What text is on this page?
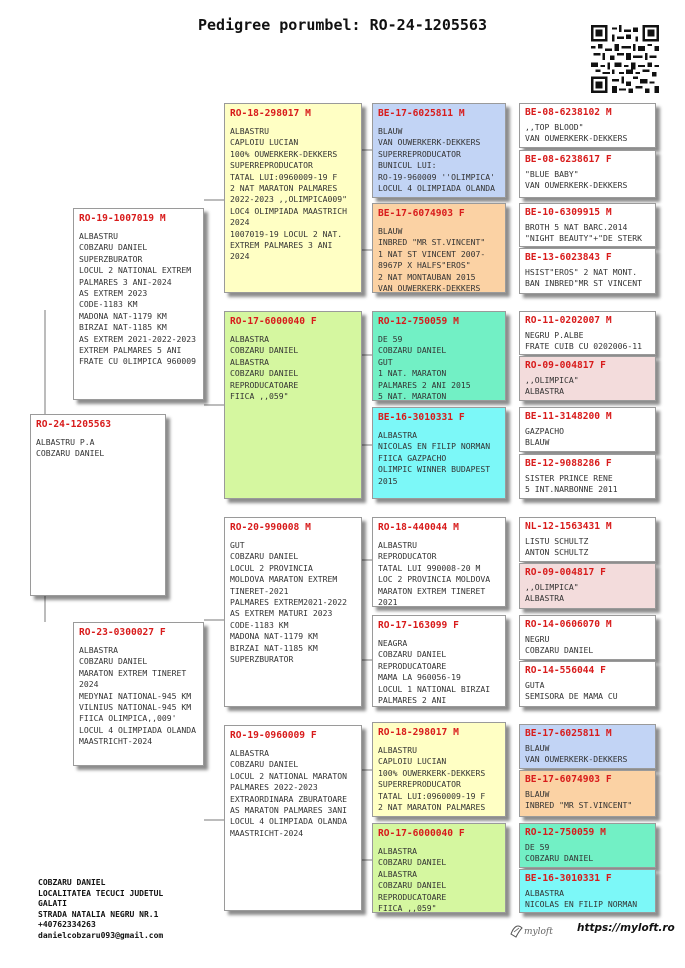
Pedigree porumbel: RO-24-1205563
RO-24-1205563
ALBASTRU P.A
COBZARU DANIEL
RO-19-1007019 M
ALBASTRU
COBZARU DANIEL
SUPERZBURATOR
LOCUL 2 NATIONAL EXTREM
PALMARES 3 ANI-2024
AS EXTREM 2023
CODE-1183 KM
MADONA NAT-1179 KM
BIRZAI NAT-1185 KM
AS EXTREM 2021-2022-2023
EXTREM PALMARES 5 ANI
FRATE CU 0LIMPICA 960009
RO-23-0300027 F
ALBASTRA
COBZARU DANIEL
MARATON EXTREM TINERET
2024
MEDYNAI NATIONAL-945 KM
VILNIUS NATIONAL-945 KM
FIICA OLIMPICA,,009'
LOCUL 4 OLIMPIADA OLANDA
MAASTRICHT-2024
RO-18-298017 M
ALBASTRU
CAPLOIU LUCIAN
100% OUWERKERK-DEKKERS
SUPERREPRODUCATOR
TATAL LUI:0960009-19 F
2 NAT MARATON PALMARES
2022-2023 ,,OLIMPICA009"
LOC4 OLIMPIADA MAASTRICH
2024
1007019-19 LOCUL 2 NAT.
EXTREM PALMARES 3 ANI
2024
RO-17-6000040 F
ALBASTRA
COBZARU DANIEL
ALBASTRA
COBZARU DANIEL
REPRODUCATOARE
FIICA ,,059"
RO-20-990008 M
GUT
COBZARU DANIEL
LOCUL 2 PROVINCIA
MOLDOVA MARATON EXTREM
TINERET-2021
PALMARES EXTREM2021-2022
AS EXTREM MATURI 2023
CODE-1183 KM
MADONA NAT-1179 KM
BIRZAI NAT-1185 KM
SUPERZBURATOR
RO-19-0960009 F
ALBASTRA
COBZARU DANIEL
LOCUL 2 NATIONAL MARATON
PALMARES 2022-2023
EXTRAORDINARA ZBURATOARE
AS MARATON PALMARES 3ANI
LOCUL 4 OLIMPIADA OLANDA
MAASTRICHT-2024
BE-17-6025811 M
BLAUW
VAN OUWERKERK-DEKKERS
SUPERREPRODUCATOR
BUNICUL LUI:
RO-19-960009 ''OLIMPICA'
LOCUL 4 OLIMPIADA OLANDA
BE-17-6074903 F
BLAUW
INBRED "MR ST.VINCENT"
1 NAT ST VINCENT 2007-
8967P X HALFS"EROS"
2 NAT MONTAUBAN 2015
VAN OUWERKERK-DEKKERS
RO-12-750059 M
DE 59
COBZARU DANIEL
GUT
1 NAT. MARATON
PALMARES 2 ANI 2015
5 NAT. MARATON
BE-16-3010331 F
ALBASTRA
NICOLAS EN FILIP NORMAN
FIICA GAZPACHO
OLIMPIC WINNER BUDAPEST
2015
RO-18-440044 M
ALBASTRU
REPRODUCATOR
TATAL LUI 990008-20 M
LOC 2 PROVINCIA MOLDOVA
MARATON EXTREM TINERET
2021
RO-17-163099 F
NEAGRA
COBZARU DANIEL
REPRODUCATOARE
MAMA LA 960056-19
LOCUL 1 NATIONAL BIRZAI
PALMARES 2 ANI
RO-18-298017 M
ALBASTRU
CAPLOIU LUCIAN
100% OUWERKERK-DEKKERS
SUPERREPRODUCATOR
TATAL LUI:0960009-19 F
2 NAT MARATON PALMARES
RO-17-6000040 F
ALBASTRA
COBZARU DANIEL
ALBASTRA
COBZARU DANIEL
REPRODUCATOARE
FIICA ,,059"
BE-08-6238102 M
,,TOP BLOOD"
VAN OUWERKERK-DEKKERS
BE-08-6238617 F
"BLUE BABY"
VAN OUWERKERK-DEKKERS
BE-10-6309915 M
BROTH 5 NAT BARC.2014
"NIGHT BEAUTY"+"DE STERK
BE-13-6023843 F
HSIST"EROS" 2 NAT MONT.
BAN INBRED"MR ST VINCENT
RO-11-0202007 M
NEGRU P.ALBE
FRATE CUIB CU 0202006-11
RO-09-004817 F
,,OLIMPICA"
ALBASTRA
BE-11-3148200 M
GAZPACHO
BLAUW
BE-12-9088286 F
SISTER PRINCE RENE
5 INT.NARBONNE 2011
NL-12-1563431 M
LISTU SCHULTZ
ANTON SCHULTZ
RO-09-004817 F
,,OLIMPICA"
ALBASTRA
RO-14-0606070 M
NEGRU
COBZARU DANIEL
RO-14-556044 F
GUTA
SEMISORA DE MAMA CU
BE-17-6025811 M
BLAUW
VAN OUWERKERK-DEKKERS
BE-17-6074903 F
BLAUW
INBRED "MR ST.VINCENT"
RO-12-750059 M
DE 59
COBZARU DANIEL
BE-16-3010331 F
ALBASTRA
NICOLAS EN FILIP NORMAN
COBZARU DANIEL
LOCALITATEA TECUCI JUDETUL
GALATI
STRADA NATALIA NEGRU NR.1
+40762334263
danielcobzaru093@gmail.com	myloft https://myloft.ro
